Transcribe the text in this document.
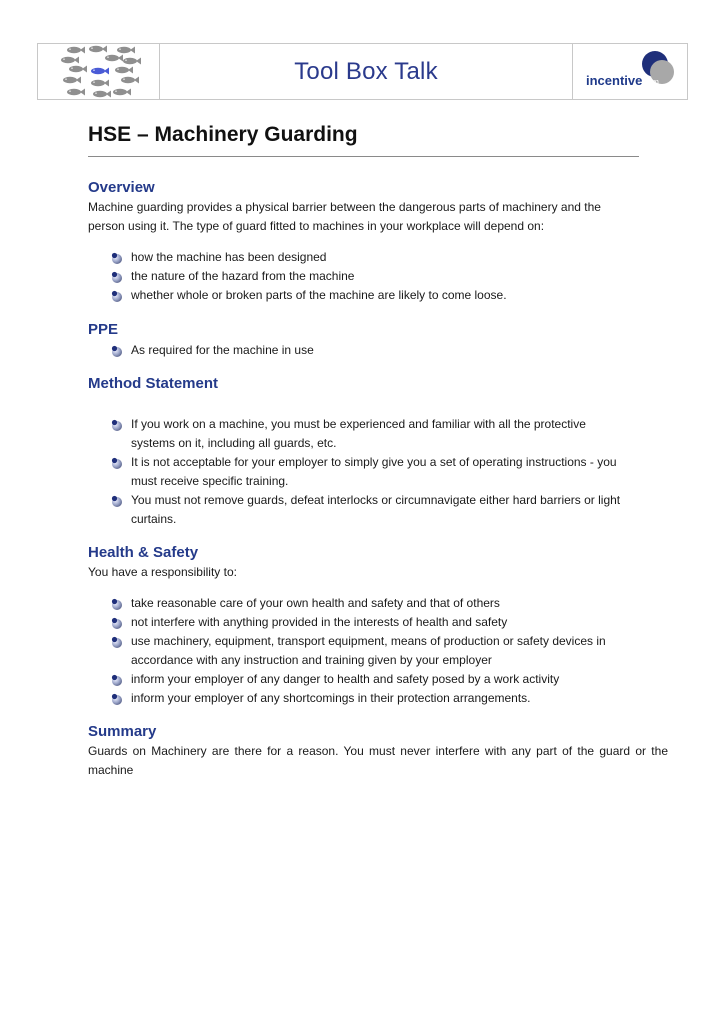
Tool Box Talk	incentive fm
HSE – Machinery Guarding
Overview

Machine guarding provides a physical barrier between the dangerous parts of machinery and the

person using it. The type of guard fitted to machines in your workplace will depend on:

how the machine has been designed
the nature of the hazard from the machine
whether whole or broken parts of the machine are likely to come loose.
PPE
As required for the machine in use
Method Statement
If you work on a machine, you must be experienced and familiar with all the protective systems on it, including all guards, etc.
It is not acceptable for your employer to simply give you a set of operating instructions - you must receive specific training.
You must not remove guards, defeat interlocks or circumnavigate either hard barriers or light curtains.
Health & Safety

You have a responsibility to:

take reasonable care of your own health and safety and that of others
not interfere with anything provided in the interests of health and safety
use machinery, equipment, transport equipment, means of production or safety devices in accordance with any instruction and training given by your employer
inform your employer of any danger to health and safety posed by a work activity
inform your employer of any shortcomings in their protection arrangements.
Summary

Guards on Machinery are there for a reason. You must never interfere with any part of the guard or the machine
